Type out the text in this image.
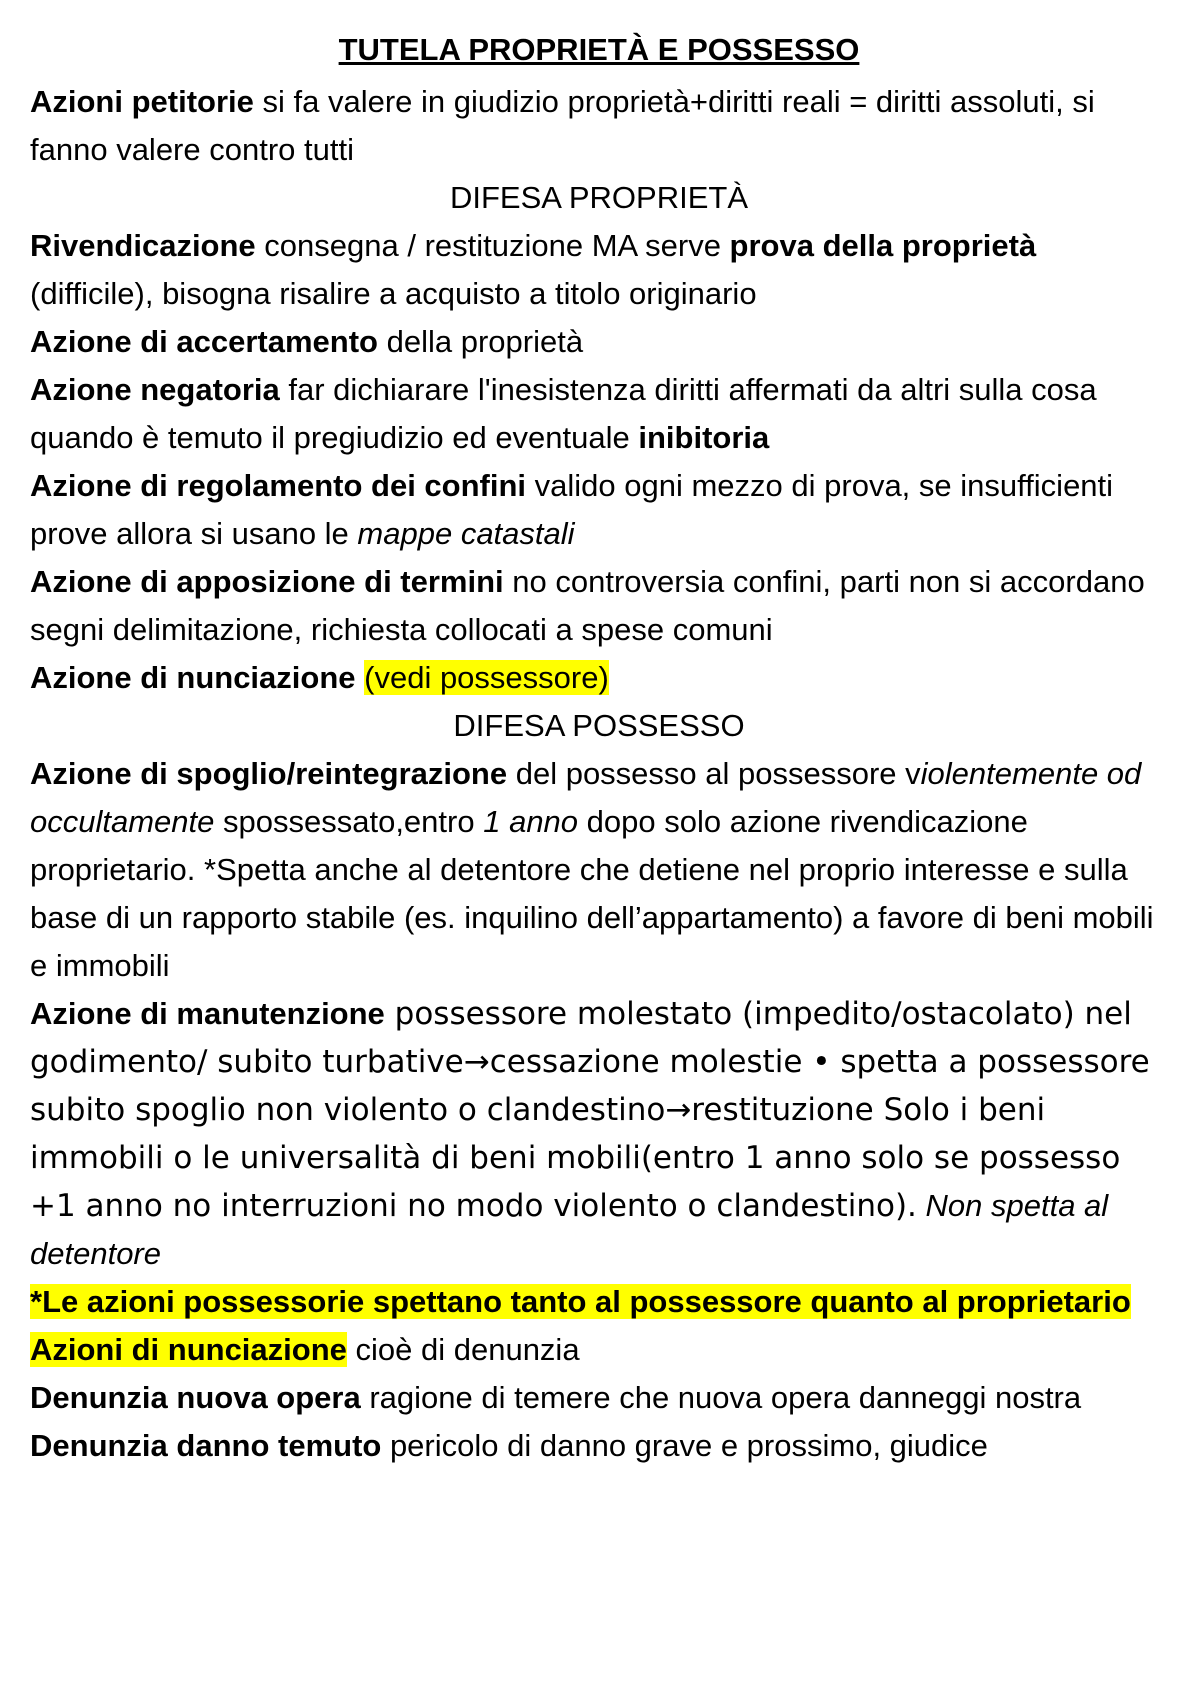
TUTELA PROPRIETÀ E POSSESSO

Azioni petitorie si fa valere in giudizio proprietà+diritti reali = diritti assoluti, si fanno valere contro tutti

DIFESA PROPRIETÀ

Rivendicazione consegna / restituzione MA serve prova della proprietà (difficile), bisogna risalire a acquisto a titolo originario

Azione di accertamento della proprietà

Azione negatoria far dichiarare l'inesistenza diritti affermati da altri sulla cosa quando è temuto il pregiudizio ed eventuale inibitoria

Azione di regolamento dei confini valido ogni mezzo di prova, se insufficienti prove allora si usano le mappe catastali

Azione di apposizione di termini no controversia confini, parti non si accordano segni delimitazione, richiesta collocati a spese comuni

Azione di nunciazione (vedi possessore)

DIFESA POSSESSO

Azione di spoglio/reintegrazione del possesso al possessore violentemente od occultamente spossessato,entro 1 anno dopo solo azione rivendicazione proprietario. *Spetta anche al detentore che detiene nel proprio interesse e sulla base di un rapporto stabile (es. inquilino dell’appartamento) a favore di beni mobili e immobili

Azione di manutenzione possessore molestato (impedito/ostacolato) nel godimento/ subito turbative→cessazione molestie • spetta a possessore subito spoglio non violento o clandestino→restituzione Solo i beni immobili o le universalità di beni mobili(entro 1 anno solo se possesso +1 anno no interruzioni no modo violento o clandestino). Non spetta al detentore

*Le azioni possessorie spettano tanto al possessore quanto al proprietario

Azioni di nunciazione cioè di denunzia

Denunzia nuova opera ragione di temere che nuova opera danneggi nostra

Denunzia danno temuto pericolo di danno grave e prossimo, giudice
